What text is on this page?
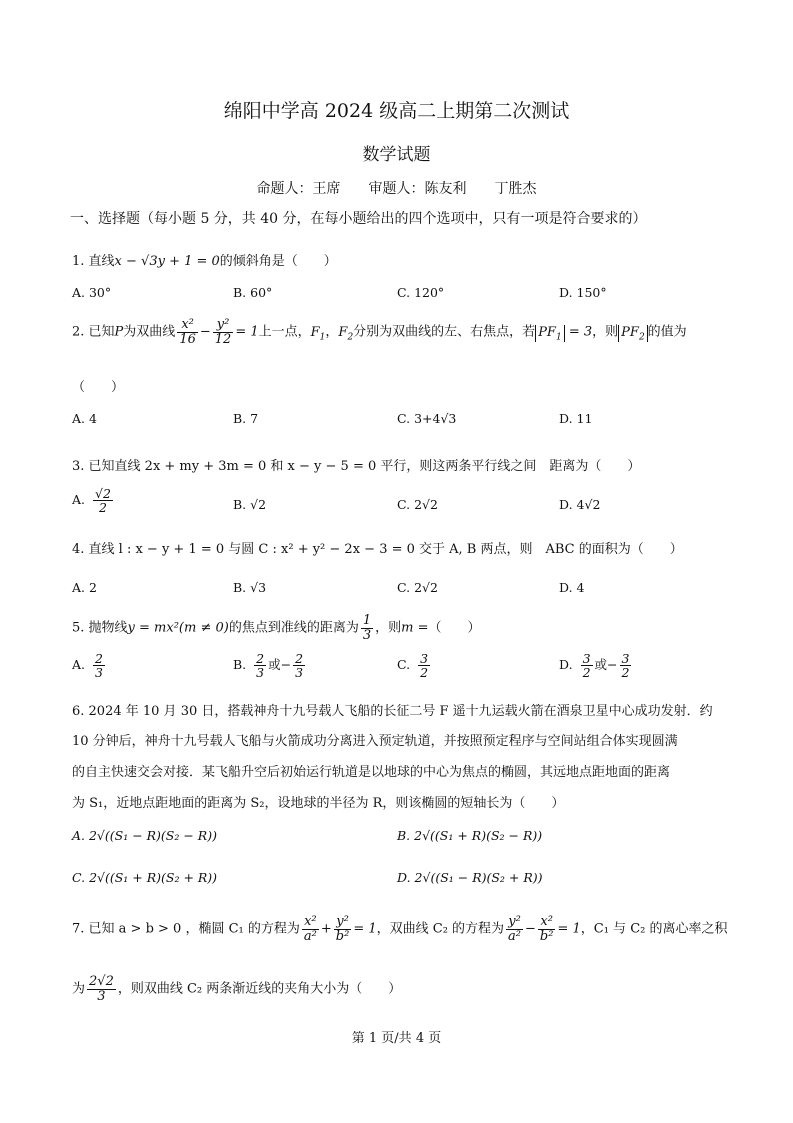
绵阳中学高 2024 级高二上期第二次测试
数学试题
命题人：王席　　审题人：陈友利　　丁胜杰
一、选择题（每小题 5 分，共 40 分，在每小题给出的四个选项中，只有一项是符合要求的）
1. 直线x − √3y + 1 = 0的倾斜角是（　　）
A. 30°	B. 60°	C. 120°	D. 150°
2. 已知P为双曲线 $\frac{\text{x²}}{16} - \frac{\text{y²}}{12} = 1$上一点，$F_1$，$F_2$分别为双曲线的左、右焦点，若 $PF_1 = 3$，则 $PF_2$ 的值为
（　　）
A. 4	B. 7	C. 3+4√3	D. 11
3. 已知直线 2x + my + 3m = 0 和 x − y − 5 = 0 平行，则这两条平行线之间　距离为（　　）
A. $\frac{√2}{2}$	B. √2	C. 2√2	D. 4√2
4. 直线 l : x − y + 1 = 0 与圆 C : x² + y² − 2x − 3 = 0 交于 A, B 两点，则　ABC 的面积为（　　）
A. 2	B. √3	C. 2√2	D. 4
5. 抛物线y = mx²(m ≠ 0)的焦点到准线的距离为 $\frac{1}{3}$ ，则m =（　　）
A. $\frac{2}{3}$	B. $\frac{2}{3}$ 或− $\frac{2}{3}$	C. $\frac{3}{2}$	D. $\frac{3}{2}$ 或− $\frac{3}{2}$
6. 2024 年 10 月 30 日，搭载神舟十九号载人飞船的长征二号 F 遥十九运载火箭在酒泉卫星中心成功发射．约
10 分钟后，神舟十九号载人飞船与火箭成功分离进入预定轨道，并按照预定程序与空间站组合体实现圆满
的自主快速交会对接．某飞船升空后初始运行轨道是以地球的中心为焦点的椭圆，其远地点距地面的距离
为 S₁，近地点距地面的距离为 S₂，设地球的半径为 R，则该椭圆的短轴长为（　　）
A. 2√((S₁ − R)(S₂ − R))	B. 2√((S₁ + R)(S₂ − R))
C. 2√((S₁ + R)(S₂ + R))	D. 2√((S₁ − R)(S₂ + R))
7. 已知 a > b > 0 ，椭圆 C₁ 的方程为 $\frac{\text{x²}}{\text{a²}} + \frac{\text{y²}}{\text{b²}} = 1$，双曲线 C₂ 的方程为 $\frac{\text{y²}}{\text{a²}} - \frac{\text{x²}}{\text{b²}} = 1$，C₁ 与 C₂ 的离心率之积
为 $\frac{2√2}{3}$ ，则双曲线 C₂ 两条渐近线的夹角大小为（　　）
第 1 页/共 4 页
